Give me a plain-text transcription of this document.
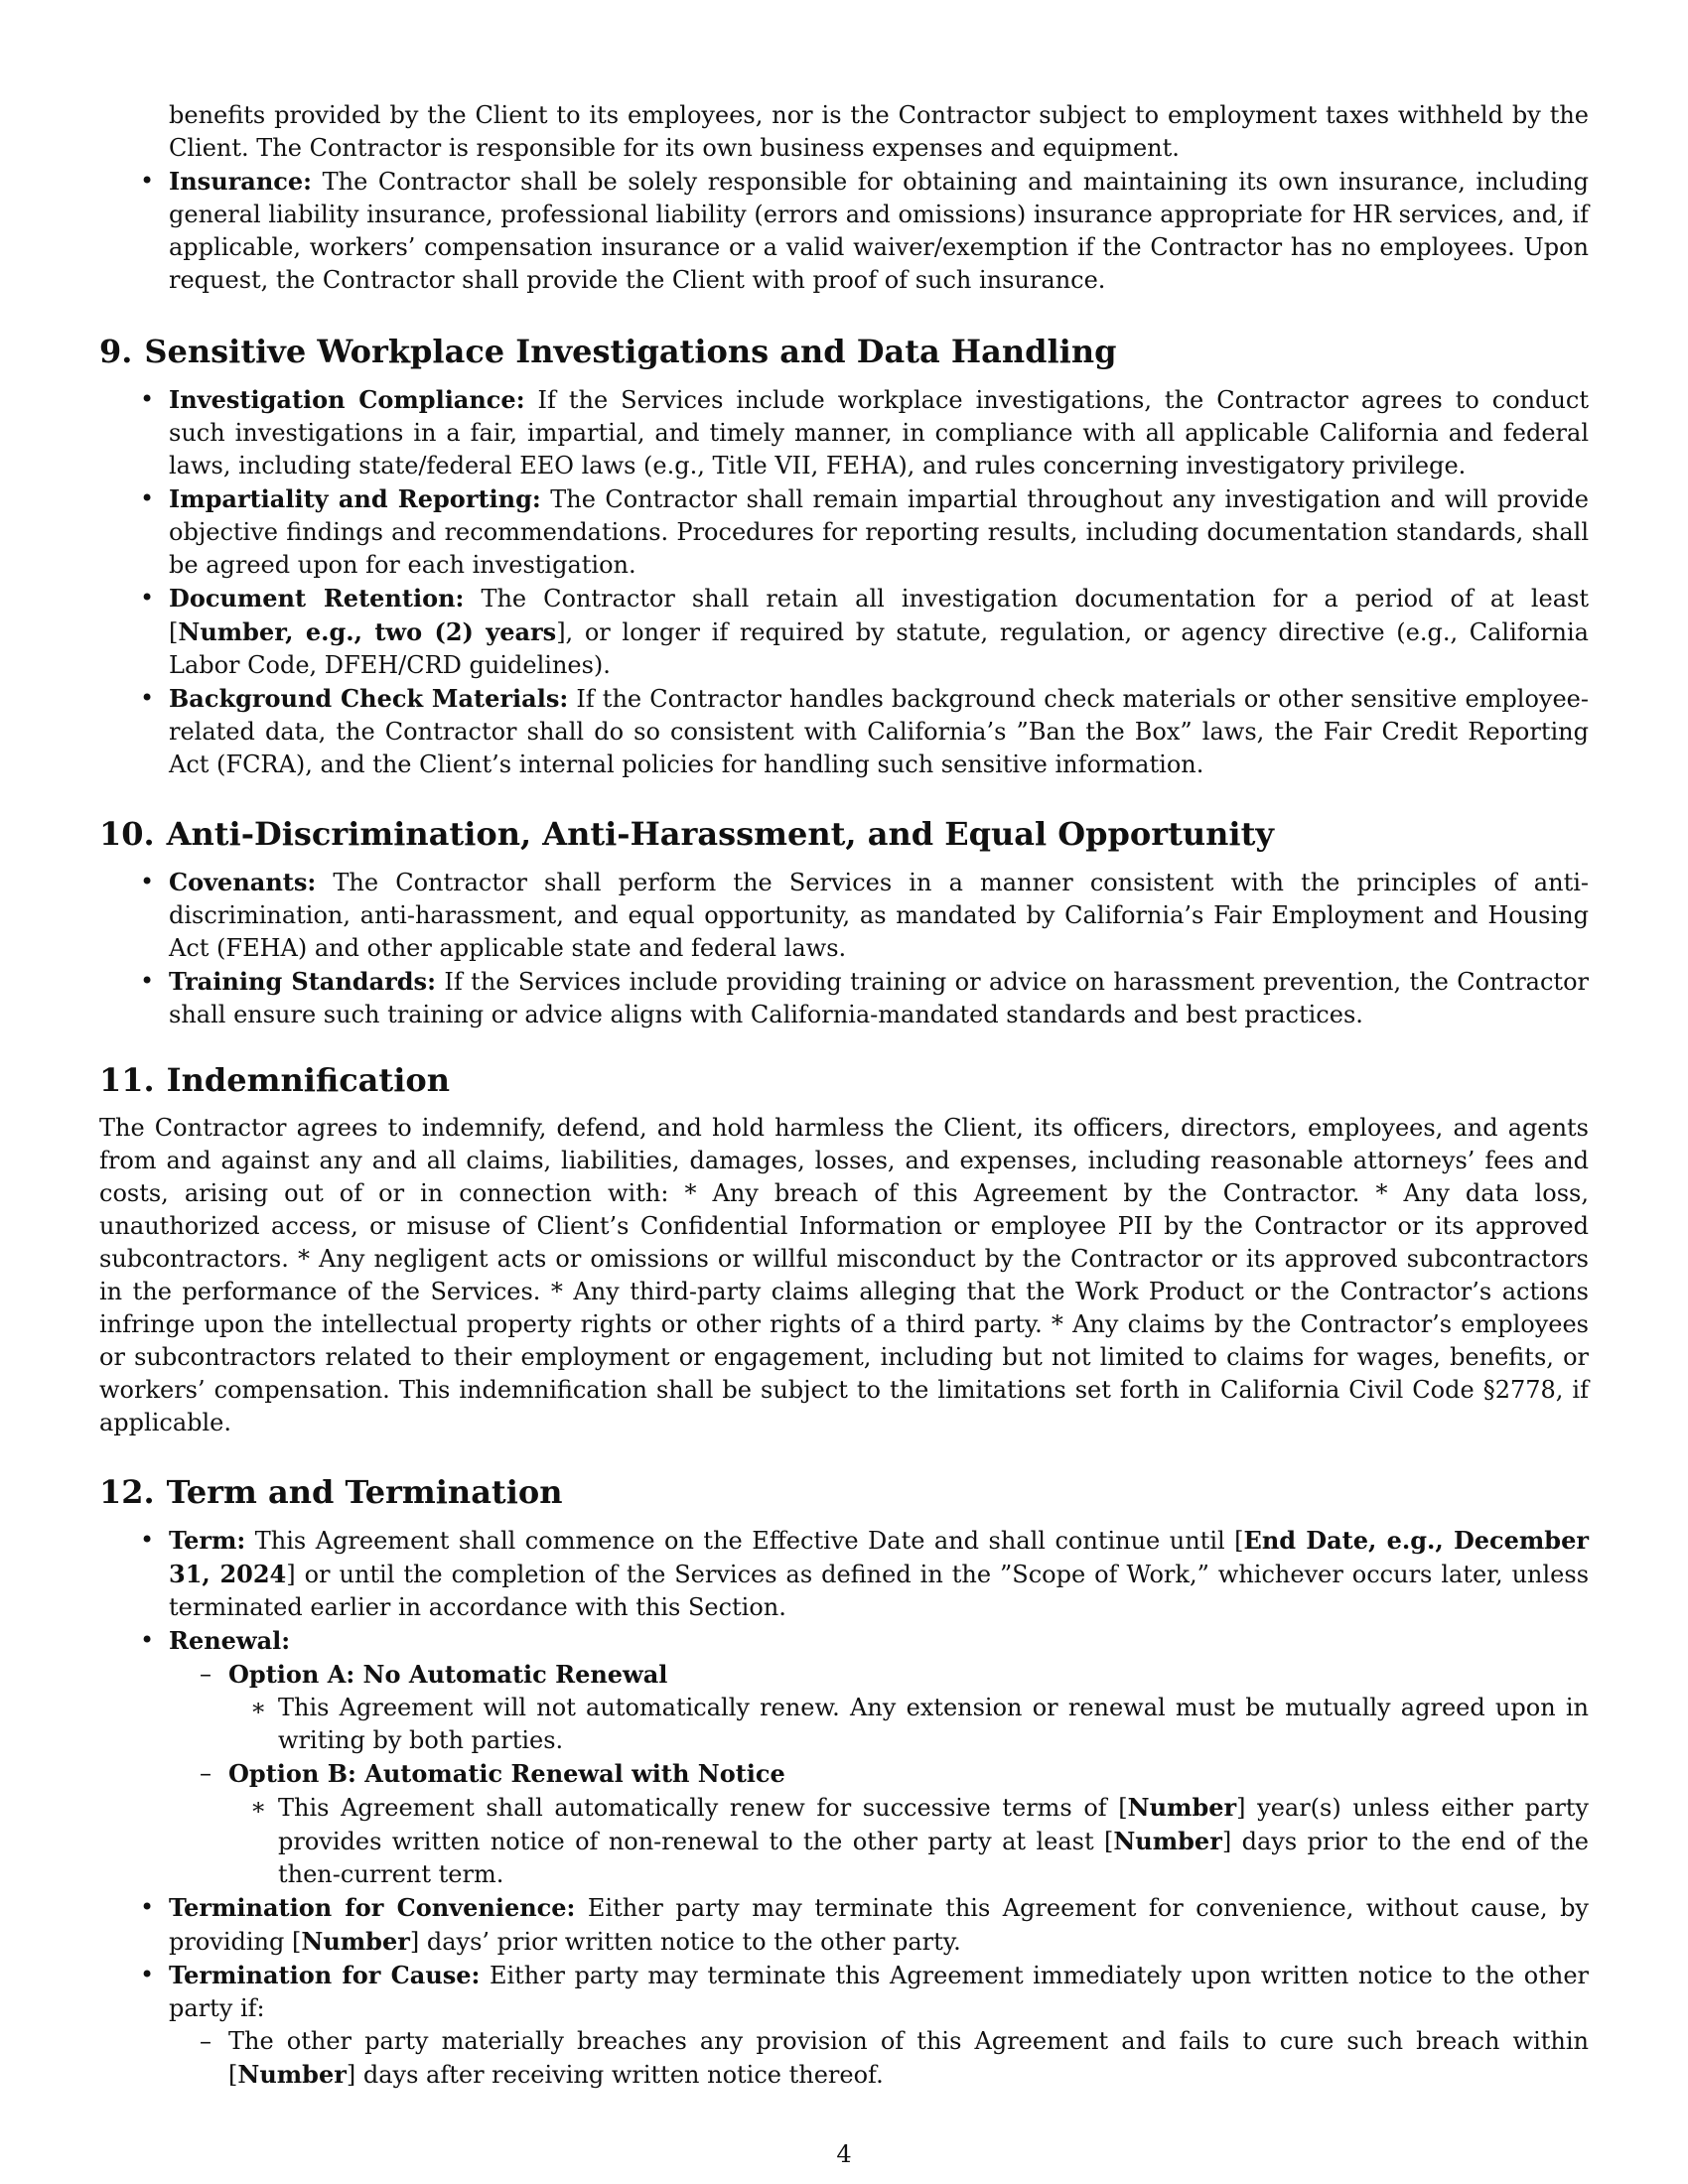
benefits provided by the Client to its employees, nor is the Contractor subject to employment taxes withheld by the Client. The Contractor is responsible for its own business expenses and equipment.

• Insurance: The Contractor shall be solely responsible for obtaining and maintaining its own insurance, including general liability insurance, professional liability (errors and omissions) insurance appropriate for HR services, and, if applicable, workers’ compensation insurance or a valid waiver/exemption if the Contractor has no employees. Upon request, the Contractor shall provide the Client with proof of such insurance.
9. Sensitive Workplace Investigations and Data Handling
• Investigation Compliance: If the Services include workplace investigations, the Contractor agrees to conduct such investigations in a fair, impartial, and timely manner, in compliance with all applicable California and federal laws, including state/federal EEO laws (e.g., Title VII, FEHA), and rules concerning investigatory privilege.
• Impartiality and Reporting: The Contractor shall remain impartial throughout any investigation and will provide objective findings and recommendations. Procedures for reporting results, including documentation standards, shall be agreed upon for each investigation.
• Document Retention: The Contractor shall retain all investigation documentation for a period of at least [Number, e.g., two (2) years], or longer if required by statute, regulation, or agency directive (e.g., California Labor Code, DFEH/CRD guidelines).
• Background Check Materials: If the Contractor handles background check materials or other sensitive employee-related data, the Contractor shall do so consistent with California’s ”Ban the Box” laws, the Fair Credit Reporting Act (FCRA), and the Client’s internal policies for handling such sensitive information.
10. Anti-Discrimination, Anti-Harassment, and Equal Opportunity
• Covenants: The Contractor shall perform the Services in a manner consistent with the principles of anti-discrimination, anti-harassment, and equal opportunity, as mandated by California’s Fair Employment and Housing Act (FEHA) and other applicable state and federal laws.
• Training Standards: If the Services include providing training or advice on harassment prevention, the Contractor shall ensure such training or advice aligns with California-mandated standards and best practices.
11. Indemnification

The Contractor agrees to indemnify, defend, and hold harmless the Client, its officers, directors, employees, and agents from and against any and all claims, liabilities, damages, losses, and expenses, including reasonable attorneys’ fees and costs, arising out of or in connection with: * Any breach of this Agreement by the Contractor. * Any data loss, unauthorized access, or misuse of Client’s Confidential Information or employee PII by the Contractor or its approved subcontractors. * Any negligent acts or omissions or willful misconduct by the Contractor or its approved subcontractors in the performance of the Services. * Any third-party claims alleging that the Work Product or the Contractor’s actions infringe upon the intellectual property rights or other rights of a third party. * Any claims by the Contractor’s employees or subcontractors related to their employment or engagement, including but not limited to claims for wages, benefits, or workers’ compensation. This indemnification shall be subject to the limitations set forth in California Civil Code §2778, if applicable.

12. Term and Termination
• Term: This Agreement shall commence on the Effective Date and shall continue until [End Date, e.g., December 31, 2024] or until the completion of the Services as defined in the ”Scope of Work,” whichever occurs later, unless terminated earlier in accordance with this Section.
• Renewal:
– Option A: No Automatic Renewal
∗ This Agreement will not automatically renew. Any extension or renewal must be mutually agreed upon in writing by both parties.
– Option B: Automatic Renewal with Notice
∗ This Agreement shall automatically renew for successive terms of [Number] year(s) unless either party provides written notice of non-renewal to the other party at least [Number] days prior to the end of the then-current term.
• Termination for Convenience: Either party may terminate this Agreement for convenience, without cause, by providing [Number] days’ prior written notice to the other party.
• Termination for Cause: Either party may terminate this Agreement immediately upon written notice to the other party if:
– The other party materially breaches any provision of this Agreement and fails to cure such breach within [Number] days after receiving written notice thereof.
4
